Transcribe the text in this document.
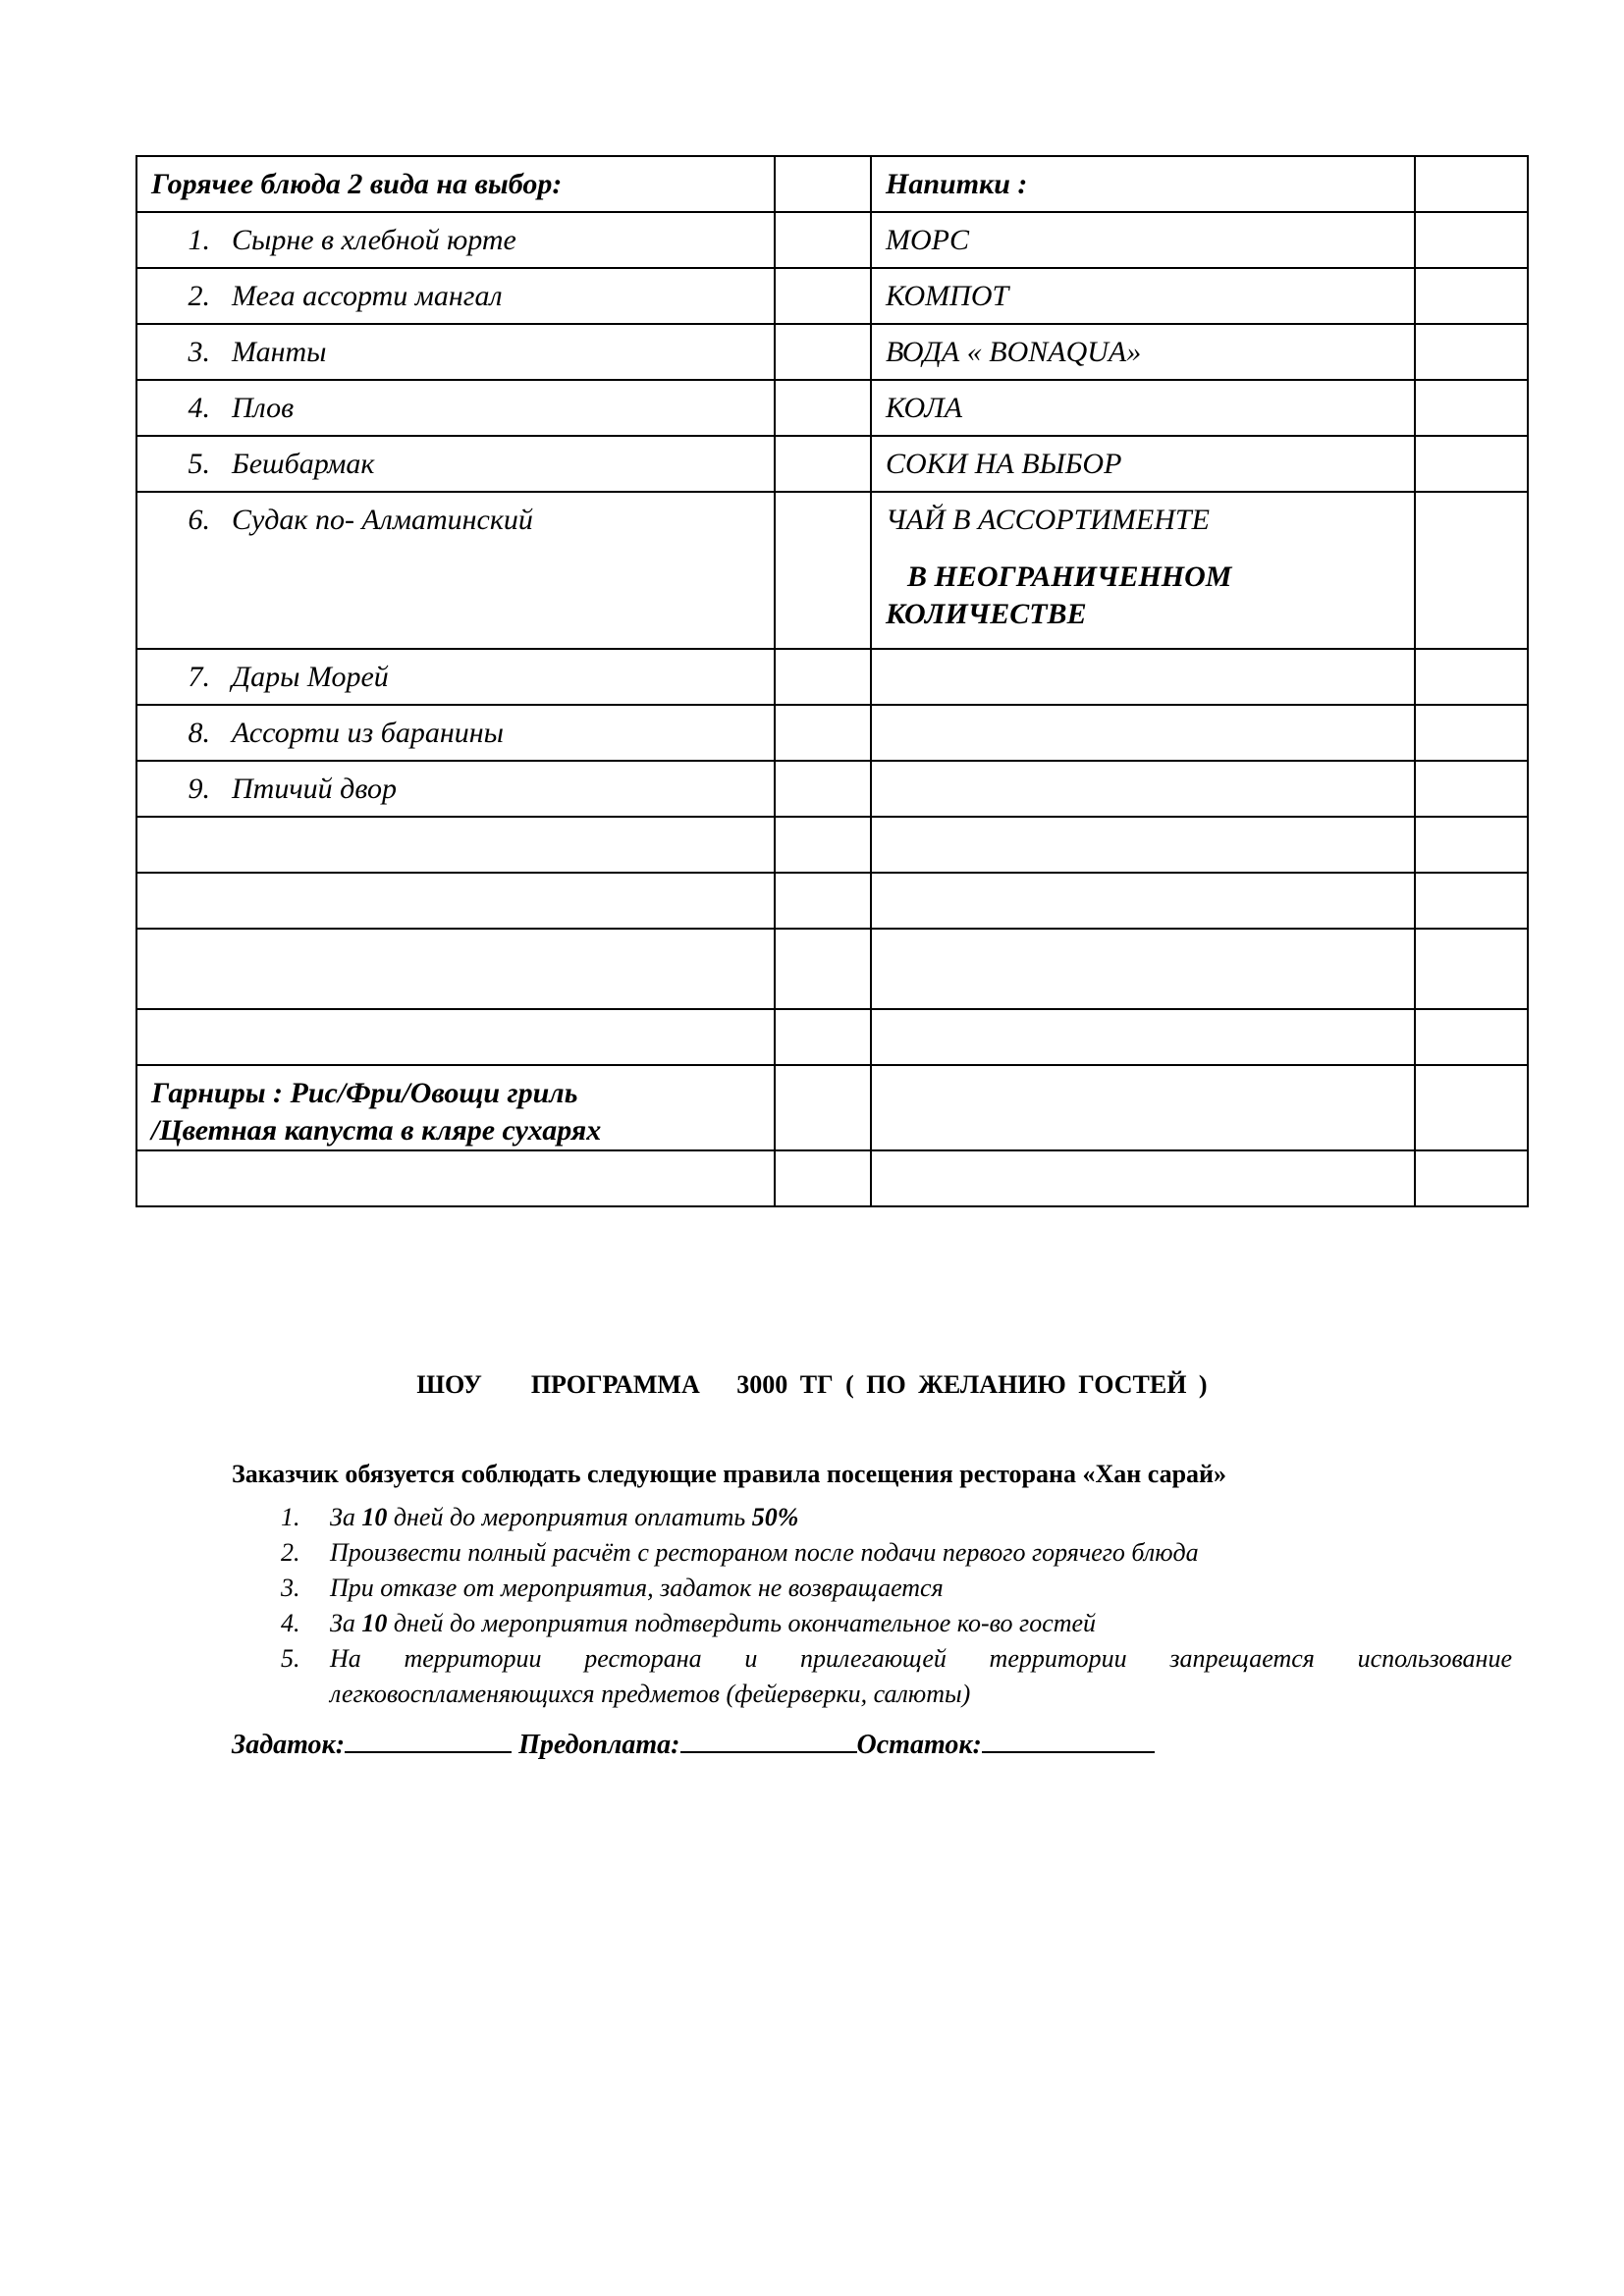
Горячее блюда 2 вида на выбор:		Напитки :	
1. Сырне в хлебной юрте		МОРС	
2. Мега ассорти мангал		КОМПОТ	
3. Манты		ВОДА « BONAQUA»	
4. Плов		КОЛА	
5. Бешбармак		СОКИ НА ВЫБОР	
6. Судак по- Алматинский		ЧАЙ В АССОРТИМЕНТЕ
В НЕОГРАНИЧЕННОМ
КОЛИЧЕСТВЕ	

7. Дары Морей			
8. Ассорти из баранины			
9. Птичий двор			

Гарниры : Рис/Фри/Овощи гриль
/Цветная капуста в кляре сухарях			

ШОУ    ПРОГРАММА   3000 ТГ ( ПО ЖЕЛАНИЮ ГОСТЕЙ )
Заказчик обязуется соблюдать следующие правила посещения ресторана «Хан сарай»
1.	За 10 дней до мероприятия оплатить 50%
2.	Произвести полный расчёт с рестораном после подачи первого горячего блюда
3.	При отказе от мероприятия, задаток не возвращается
4.	За 10 дней до мероприятия подтвердить окончательное ко-во гостей
5.	На территории ресторана и прилегающей территории запрещается использование легковоспламеняющихся предметов (фейерверки, салюты)
Задаток:	Предоплата:	Остаток:
